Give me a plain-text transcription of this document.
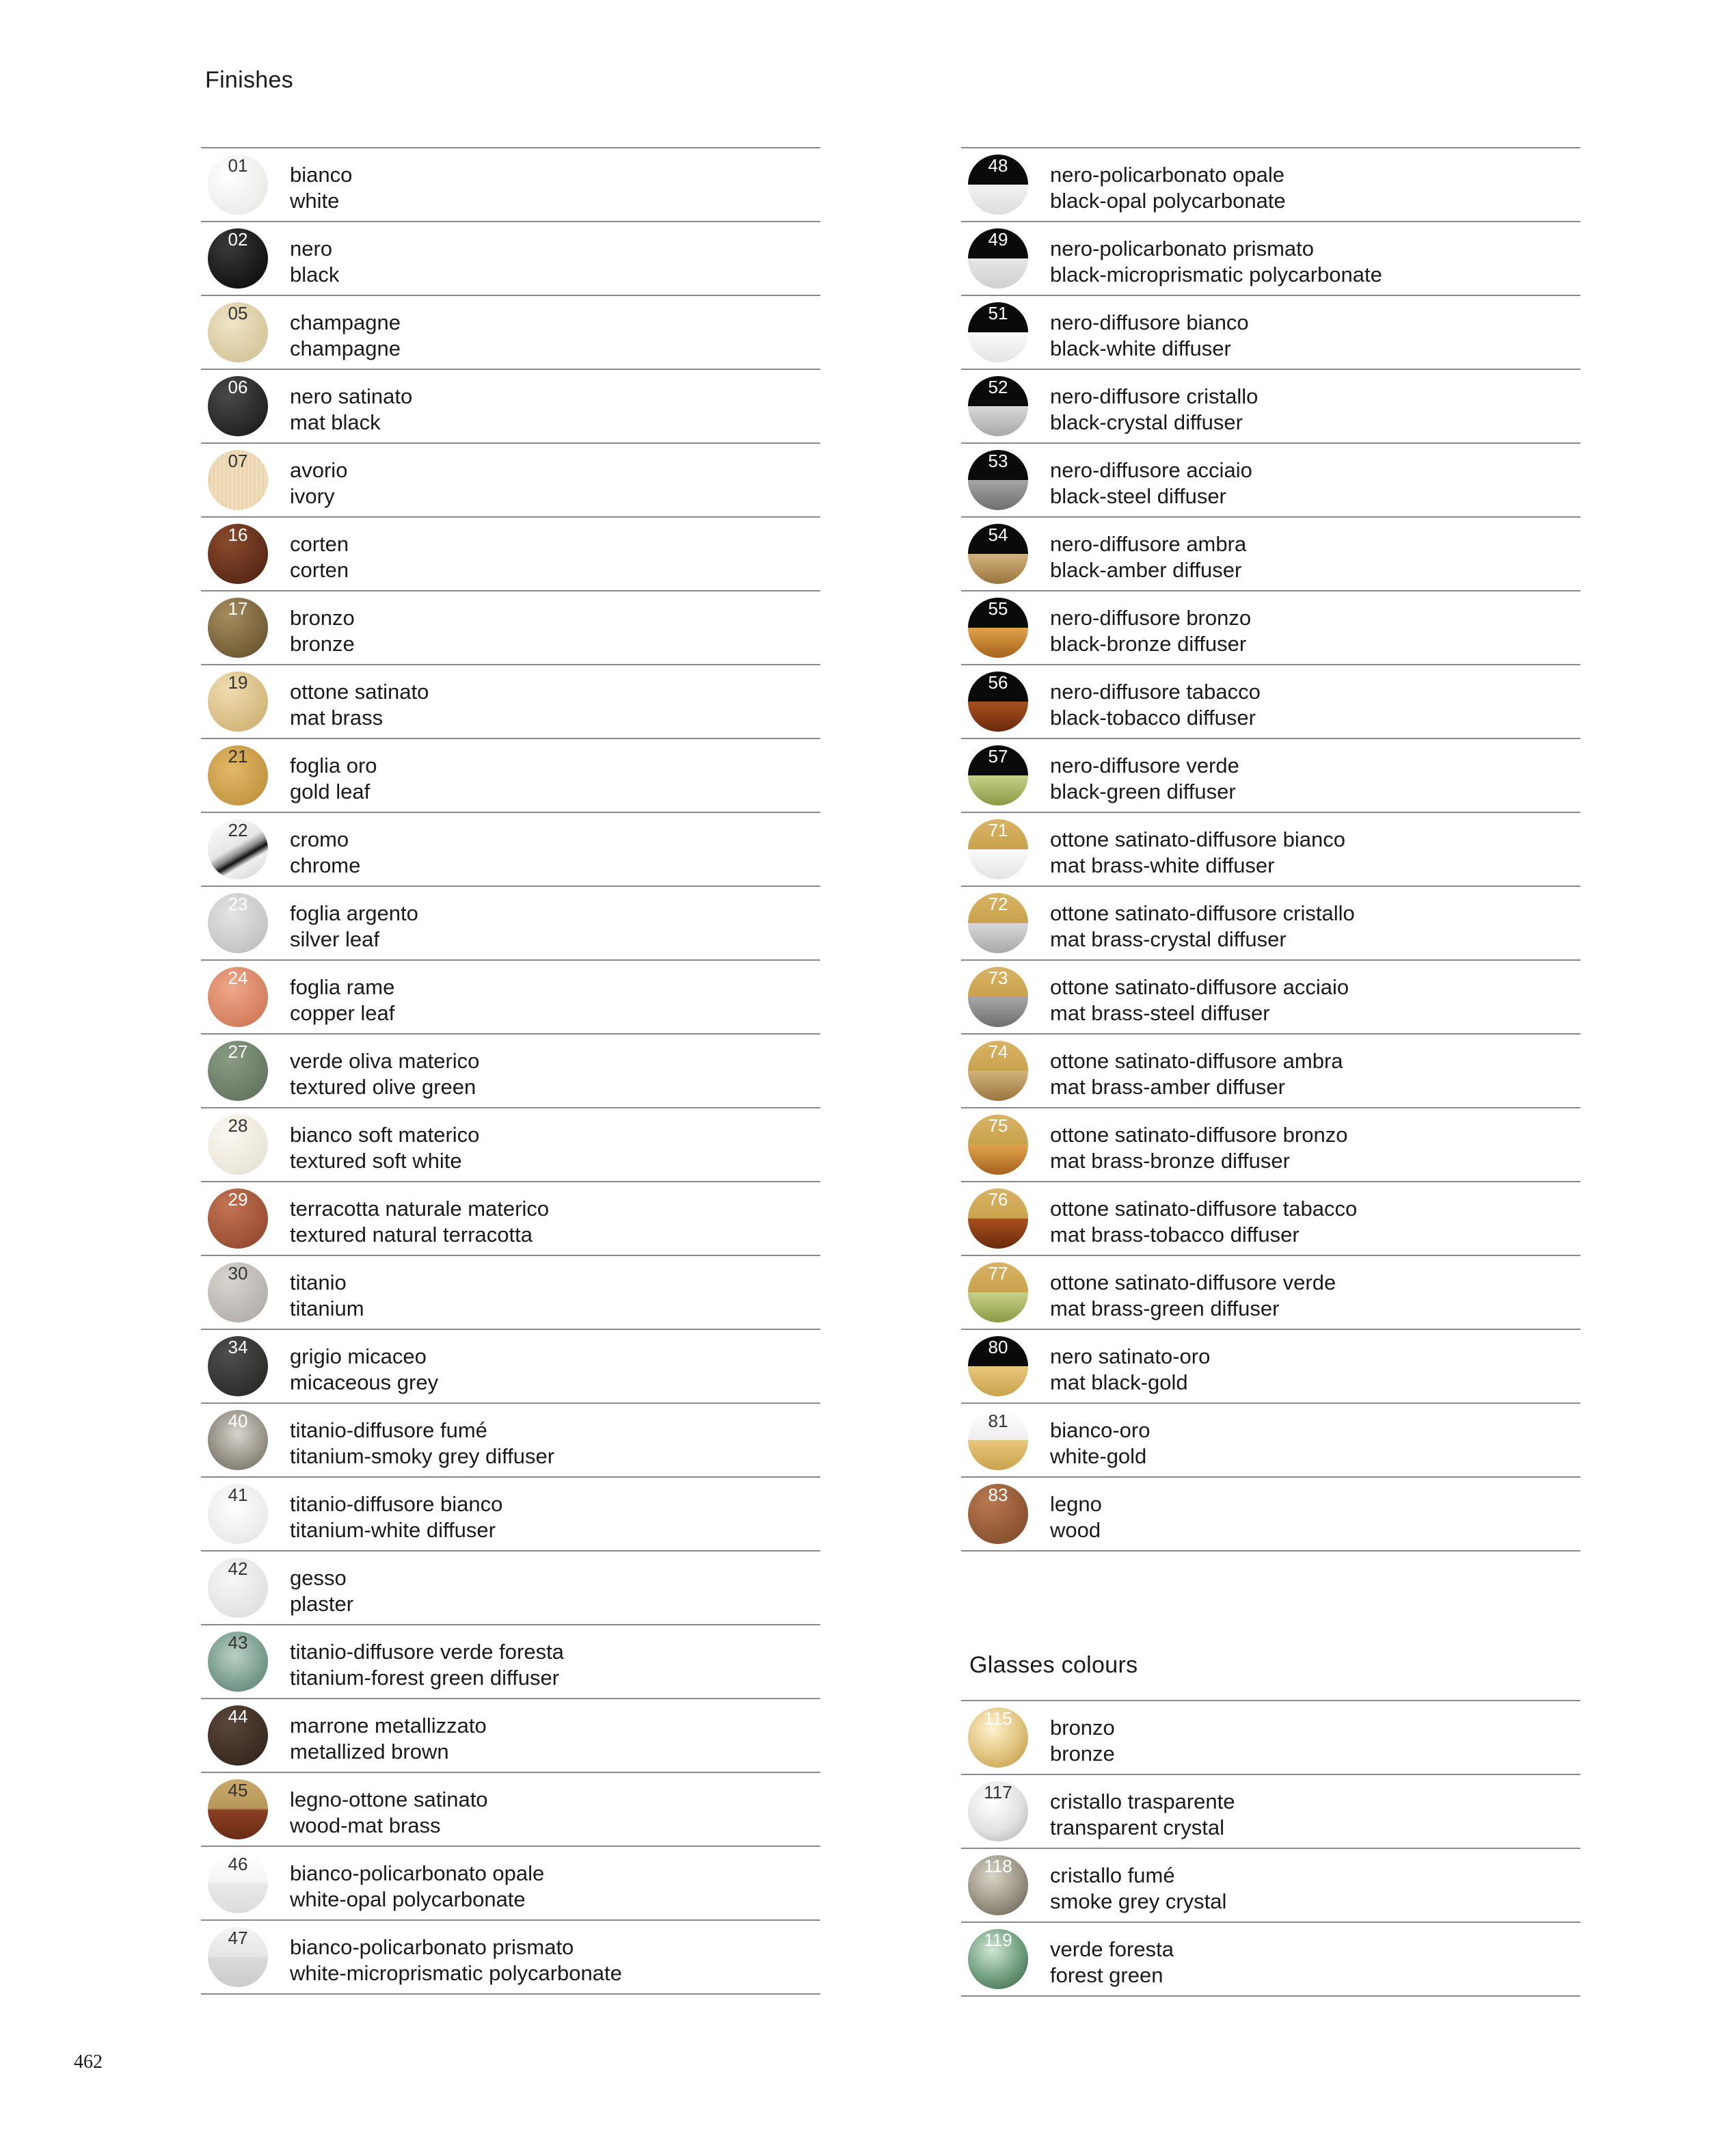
Finishes
01	bianco
white
02	nero
black
05	champagne
champagne
06	nero satinato
mat black
07	avorio
ivory
16	corten
corten
17	bronzo
bronze
19	ottone satinato
mat brass
21	foglia oro
gold leaf
22	cromo
chrome
23	foglia argento
silver leaf
24	foglia rame
copper leaf
27	verde oliva materico
textured olive green
28	bianco soft materico
textured soft white
29	terracotta naturale materico
textured natural terracotta
30	titanio
titanium
34	grigio micaceo
micaceous grey
40	titanio-diffusore fumé
titanium-smoky grey diffuser
41	titanio-diffusore bianco
titanium-white diffuser
42	gesso
plaster
43	titanio-diffusore verde foresta
titanium-forest green diffuser
44	marrone metallizzato
metallized brown
45	legno-ottone satinato
wood-mat brass
46	bianco-policarbonato opale
white-opal polycarbonate
47	bianco-policarbonato prismato
white-microprismatic polycarbonate
48	nero-policarbonato opale
black-opal polycarbonate
49	nero-policarbonato prismato
black-microprismatic polycarbonate
51	nero-diffusore bianco
black-white diffuser
52	nero-diffusore cristallo
black-crystal diffuser
53	nero-diffusore acciaio
black-steel diffuser
54	nero-diffusore ambra
black-amber diffuser
55	nero-diffusore bronzo
black-bronze diffuser
56	nero-diffusore tabacco
black-tobacco diffuser
57	nero-diffusore verde
black-green diffuser
71	ottone satinato-diffusore bianco
mat brass-white diffuser
72	ottone satinato-diffusore cristallo
mat brass-crystal diffuser
73	ottone satinato-diffusore acciaio
mat brass-steel diffuser
74	ottone satinato-diffusore ambra
mat brass-amber diffuser
75	ottone satinato-diffusore bronzo
mat brass-bronze diffuser
76	ottone satinato-diffusore tabacco
mat brass-tobacco diffuser
77	ottone satinato-diffusore verde
mat brass-green diffuser
80	nero satinato-oro
mat black-gold
81	bianco-oro
white-gold
83	legno
wood
Glasses colours
115	bronzo
bronze
117	cristallo trasparente
transparent crystal
118	cristallo fumé
smoke grey crystal
119	verde foresta
forest green
462
